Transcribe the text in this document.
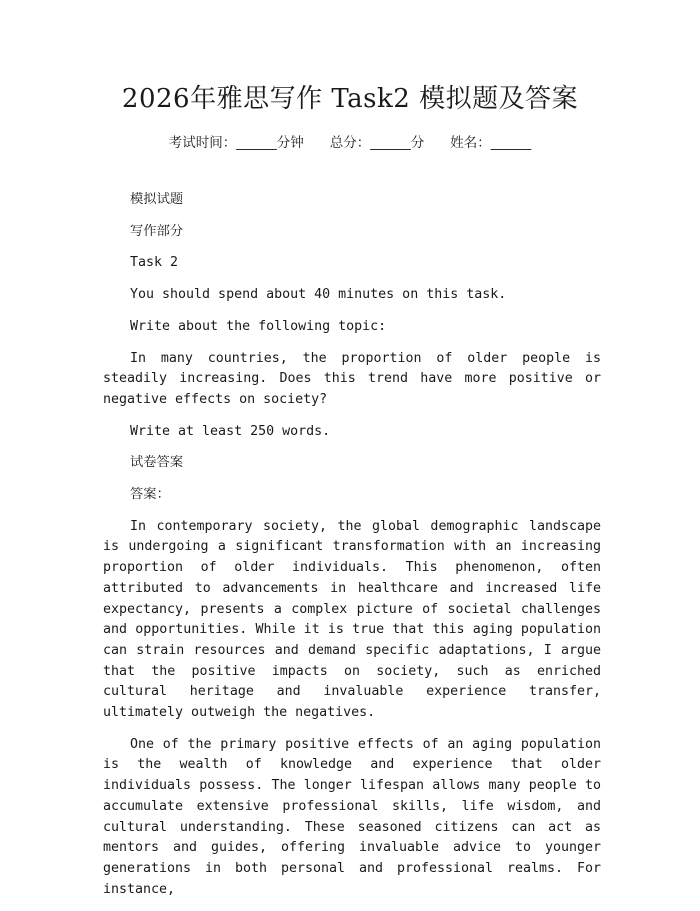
2026年雅思写作 Task2 模拟题及答案
考试时间：______分钟 总分：______分 姓名：______

模拟试题

写作部分

Task 2

You should spend about 40 minutes on this task.

Write about the following topic:

In many countries, the proportion of older people is steadily increasing. Does this trend have more positive or negative effects on society?

Write at least 250 words.

试卷答案

答案：

In contemporary society, the global demographic landscape is undergoing a significant transformation with an increasing proportion of older individuals. This phenomenon, often attributed to advancements in healthcare and increased life expectancy, presents a complex picture of societal challenges and opportunities. While it is true that this aging population can strain resources and demand specific adaptations, I argue that the positive impacts on society, such as enriched cultural heritage and invaluable experience transfer, ultimately outweigh the negatives.

One of the primary positive effects of an aging population is the wealth of knowledge and experience that older individuals possess. The longer lifespan allows many people to accumulate extensive professional skills, life wisdom, and cultural understanding. These seasoned citizens can act as mentors and guides, offering invaluable advice to younger generations in both personal and professional realms. For instance,
